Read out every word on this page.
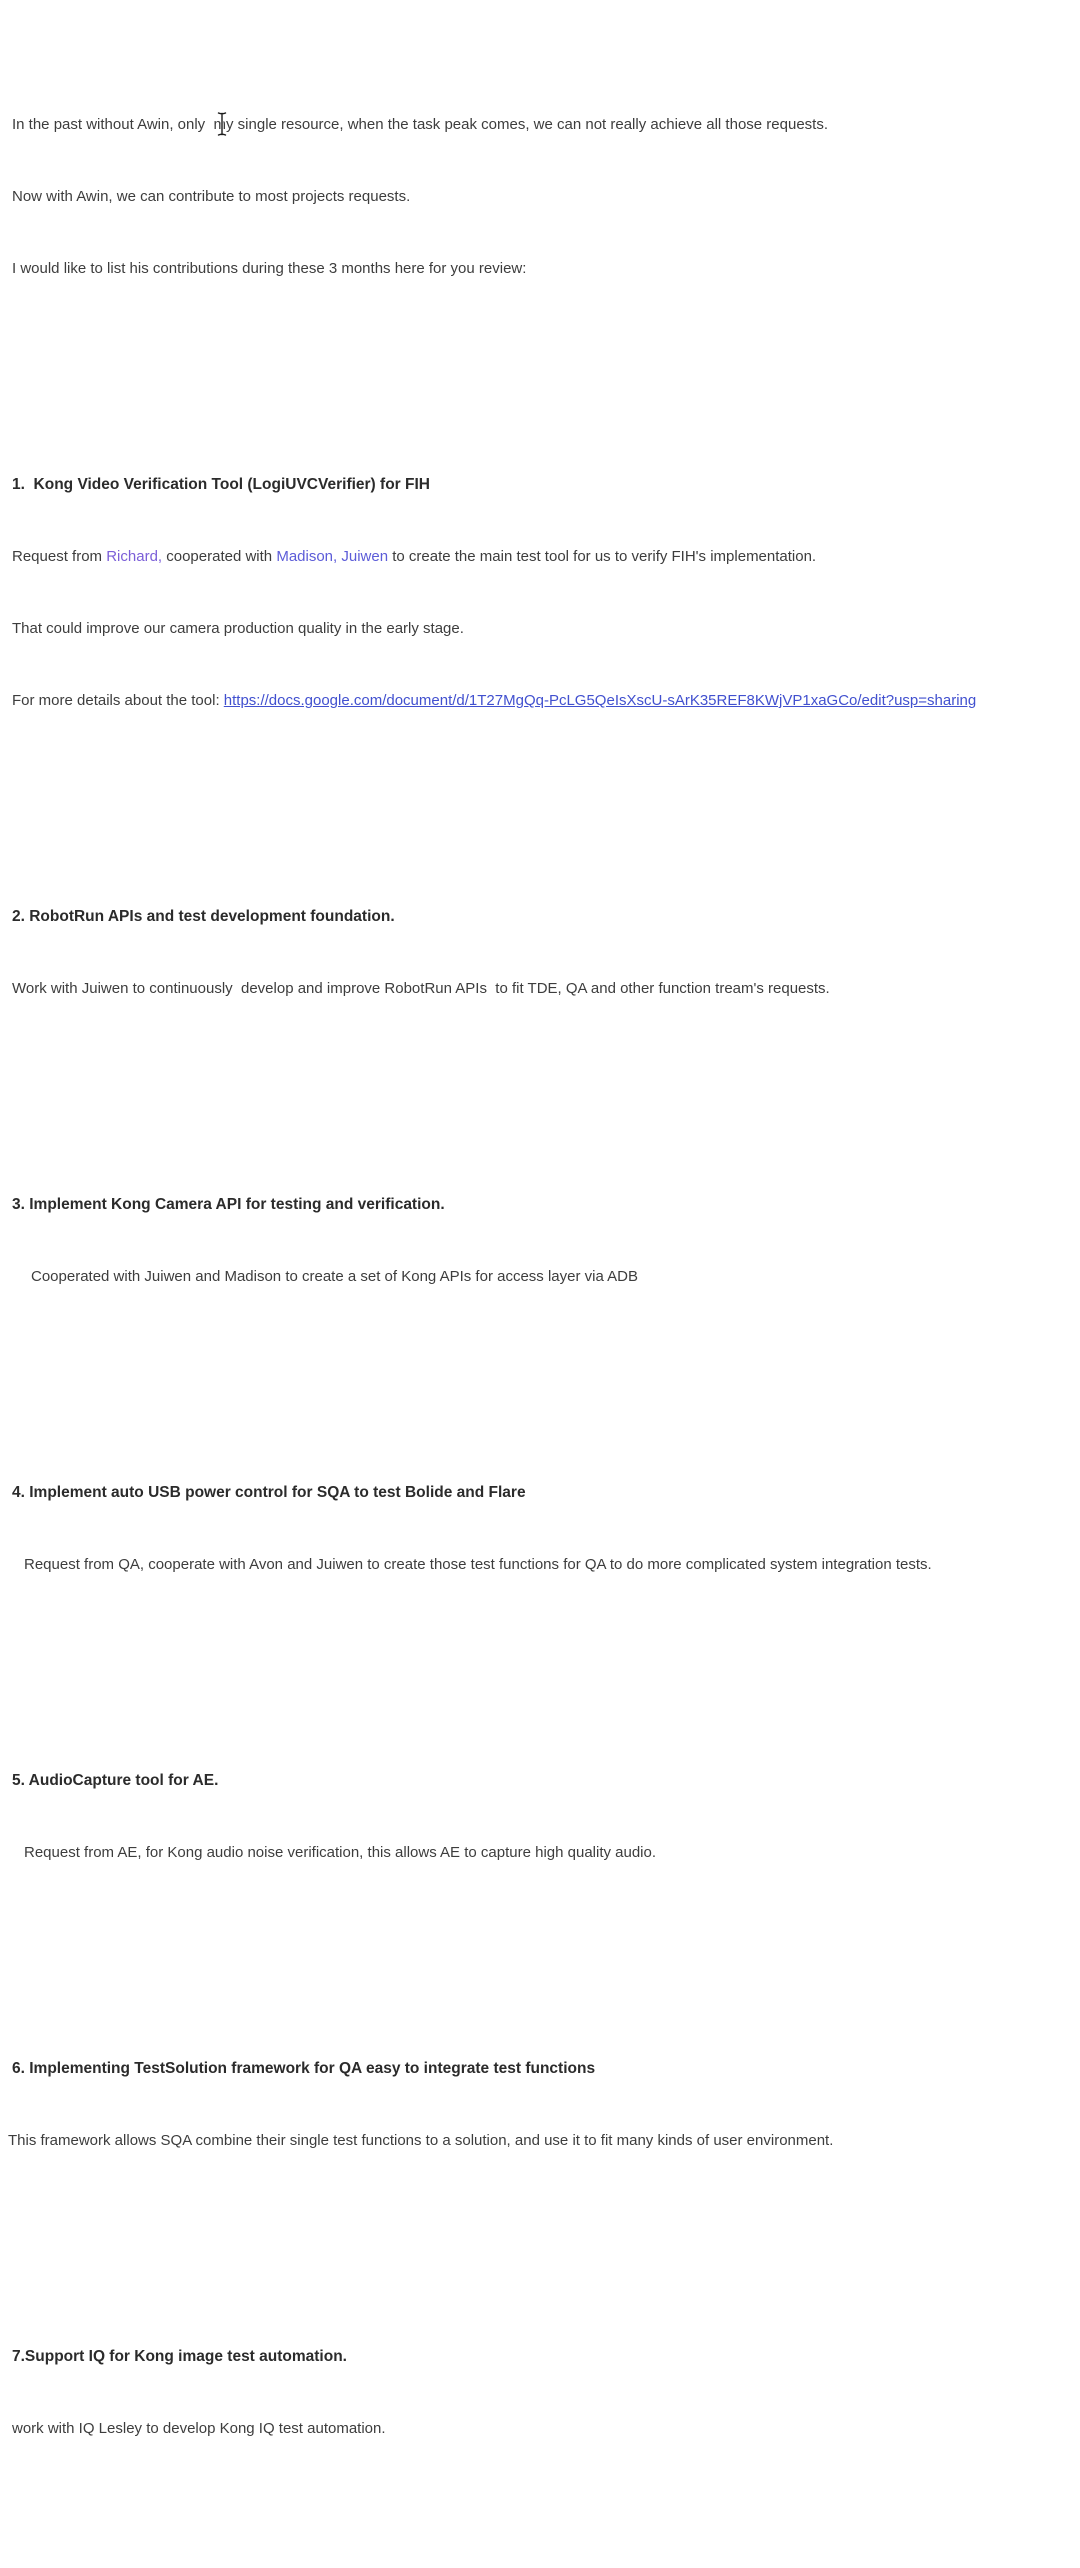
In the past without Awin, only  my single resource, when the task peak comes, we can not really achieve all those requests.

Now with Awin, we can contribute to most projects requests.

I would like to list his contributions during these 3 months here for you review:

1.  Kong Video Verification Tool (LogiUVCVerifier) for FIH

Request from Richard, cooperated with Madison, Juiwen to create the main test tool for us to verify FIH's implementation.

That could improve our camera production quality in the early stage.

For more details about the tool: https://docs.google.com/document/d/1T27MgQq-PcLG5QeIsXscU-sArK35REF8KWjVP1xaGCo/edit?usp=sharing

2. RobotRun APIs and test development foundation.

Work with Juiwen to continuously  develop and improve RobotRun APIs  to fit TDE, QA and other function tream's requests.

3. Implement Kong Camera API for testing and verification.

Cooperated with Juiwen and Madison to create a set of Kong APIs for access layer via ADB

4. Implement auto USB power control for SQA to test Bolide and Flare

Request from QA, cooperate with Avon and Juiwen to create those test functions for QA to do more complicated system integration tests.

5. AudioCapture tool for AE.

Request from AE, for Kong audio noise verification, this allows AE to capture high quality audio.

6. Implementing TestSolution framework for QA easy to integrate test functions

This framework allows SQA combine their single test functions to a solution, and use it to fit many kinds of user environment.

7.Support IQ for Kong image test automation.

work with IQ Lesley to develop Kong IQ test automation.
